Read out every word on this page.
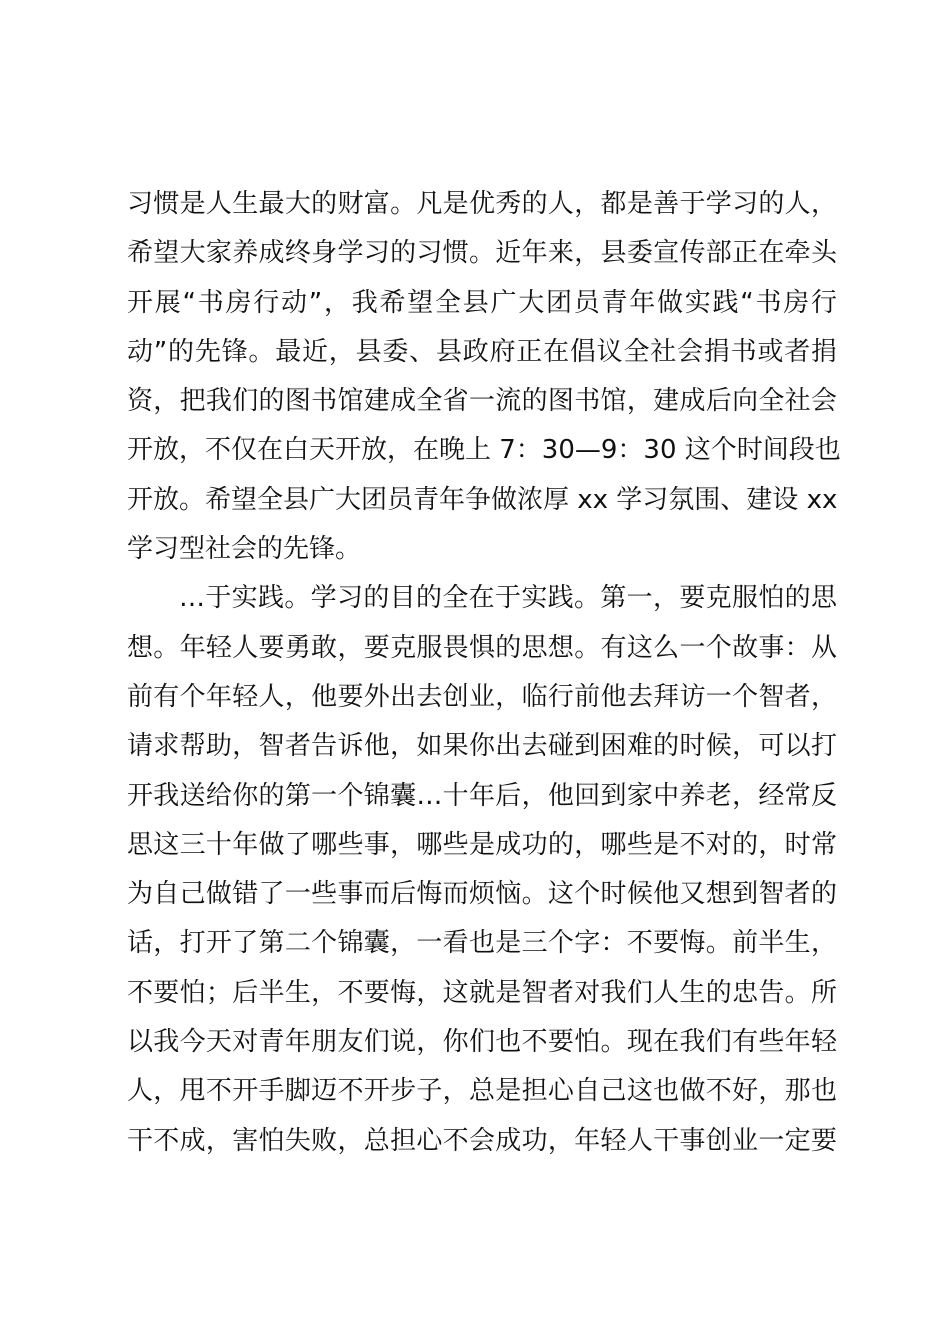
习惯是人生最大的财富。凡是优秀的人，都是善于学习的人，
希望大家养成终身学习的习惯。近年来，县委宣传部正在牵头
开展“书房行动”，我希望全县广大团员青年做实践“书房行
动”的先锋。最近，县委、县政府正在倡议全社会捐书或者捐
资，把我们的图书馆建成全省一流的图书馆，建成后向全社会
开放，不仅在白天开放，在晚上 7：30—9：30 这个时间段也
开放。希望全县广大团员青年争做浓厚 xx 学习氛围、建设 xx
学习型社会的先锋。
…于实践。学习的目的全在于实践。第一，要克服怕的思
想。年轻人要勇敢，要克服畏惧的思想。有这么一个故事：从
前有个年轻人，他要外出去创业，临行前他去拜访一个智者，
请求帮助，智者告诉他，如果你出去碰到困难的时候，可以打
开我送给你的第一个锦囊…十年后，他回到家中养老，经常反
思这三十年做了哪些事，哪些是成功的，哪些是不对的，时常
为自己做错了一些事而后悔而烦恼。这个时候他又想到智者的
话，打开了第二个锦囊，一看也是三个字：不要悔。前半生，
不要怕；后半生，不要悔，这就是智者对我们人生的忠告。所
以我今天对青年朋友们说，你们也不要怕。现在我们有些年轻
人，甩不开手脚迈不开步子，总是担心自己这也做不好，那也
干不成，害怕失败，总担心不会成功，年轻人干事创业一定要
